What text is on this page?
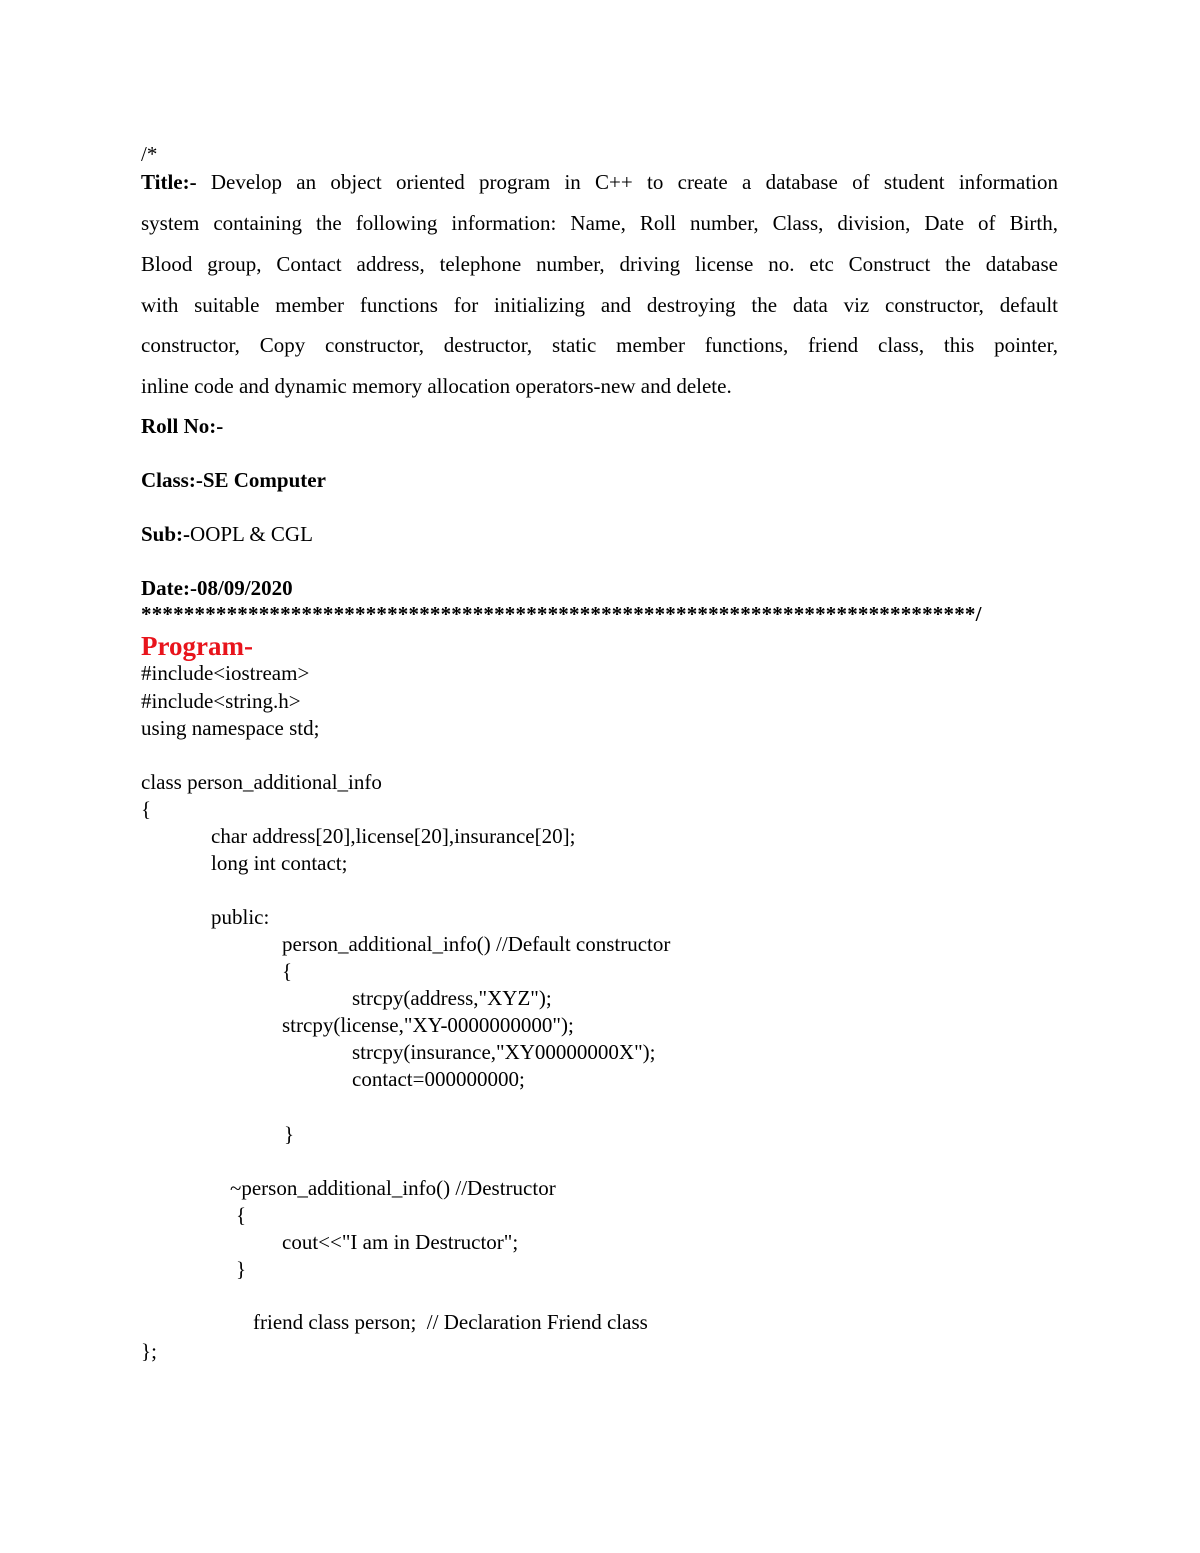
/*
Title:- Develop an object oriented program in C++ to create a database of student information
system containing the following information: Name, Roll number, Class, division, Date of Birth,
Blood group, Contact address, telephone number, driving license no. etc Construct the database
with suitable member functions for initializing and destroying the data viz constructor, default
constructor, Copy constructor, destructor, static member functions, friend class, this pointer,
inline code and dynamic memory allocation operators-new and delete.
Roll No:-
Class:-SE Computer
Sub:-OOPL & CGL
Date:-08/09/2020
******************************************************************************/
Program-
#include<iostream>
#include<string.h>
using namespace std;
class person_additional_info
{
char address[20],license[20],insurance[20];
long int contact;
public:
person_additional_info() //Default constructor
{
strcpy(address,"XYZ");
strcpy(license,"XY-0000000000");
strcpy(insurance,"XY00000000X");
contact=000000000;
}
~person_additional_info() //Destructor
{
cout<<"I am in Destructor";
}
friend class person;  // Declaration Friend class
};
